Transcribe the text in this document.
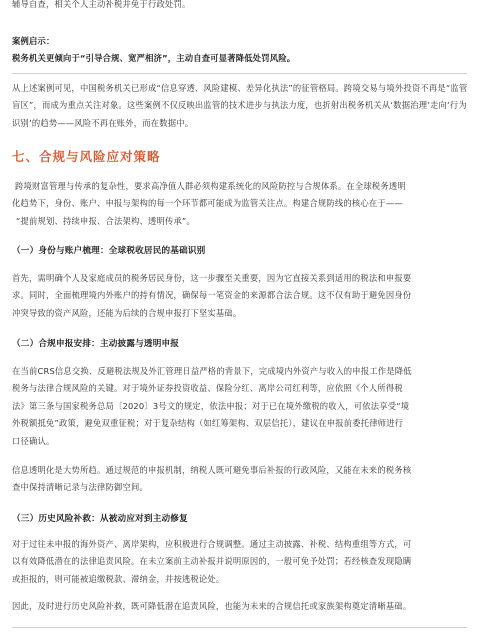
辅导自查，相关个人主动补税并免于行政处罚。

案例启示：
税务机关更倾向于“引导合规、宽严相济”，主动自查可显著降低处罚风险。

从上述案例可见，中国税务机关已形成“信息穿透、风险建模、差异化执法”的征管格局。跨境交易与境外投资不再是“监管盲区”，而成为重点关注对象。这些案例不仅反映出监管的技术进步与执法力度，也折射出税务机关从‘数据治理’走向‘行为识别’的趋势——风险不再在账外，而在数据中。

七、合规与风险应对策略
跨境财富管理与传承的复杂性，要求高净值人群必须构建系统化的风险防控与合规体系。在全球税务透明
化趋势下，身份、账户、申报与架构的每一个环节都可能成为监管关注点。构建合规防线的核心在于——
“提前规划、持续申报、合法架构、透明传承”。
（一）身份与账户梳理：全球税收居民的基础识别
首先，需明确个人及家庭成员的税务居民身份，这一步骤至关重要，因为它直接关系到适用的税法和申报要
求。同时，全面梳理境内外账户的持有情况，确保每一笔资金的来源都合法合规。这不仅有助于避免因身份
冲突导致的资产风险，还能为后续的合规申报打下坚实基础。
（二）合规申报安排：主动披露与透明申报
在当前CRS信息交换、反避税法规及外汇管理日益严格的背景下，完成境内外资产与收入的申报工作是降低
税务与法律合规风险的关键。对于境外证券投资收益、保险分红、离岸公司红利等，应依照《个人所得税
法》第三条与国家税务总局〔2020〕3号文的规定，依法申报；对于已在境外缴税的收入，可依法享受“境
外税额抵免”政策，避免双重征税；对于复杂结构（如红筹架构、双层信托），建议在申报前委托律师进行
口径确认。
信息透明化是大势所趋。通过规范的申报机制，纳税人既可避免事后补报的行政风险，又能在未来的税务核
查中保持清晰记录与法律防御空间。
（三）历史风险补救：从被动应对到主动修复
对于过往未申报的海外资产、离岸架构，应积极进行合规调整。通过主动披露、补税、结构重组等方式，可
以有效降低潜在的法律追责风险。在未立案前主动补报并说明原因的，一般可免予处罚；若经核查发现隐瞒
或拒报的，则可能被追缴税款、滞纳金，并按逃税论处。
因此，及时进行历史风险补救，既可降低潜在追责风险，也能为未来的合规信托或家族架构奠定清晰基础。
